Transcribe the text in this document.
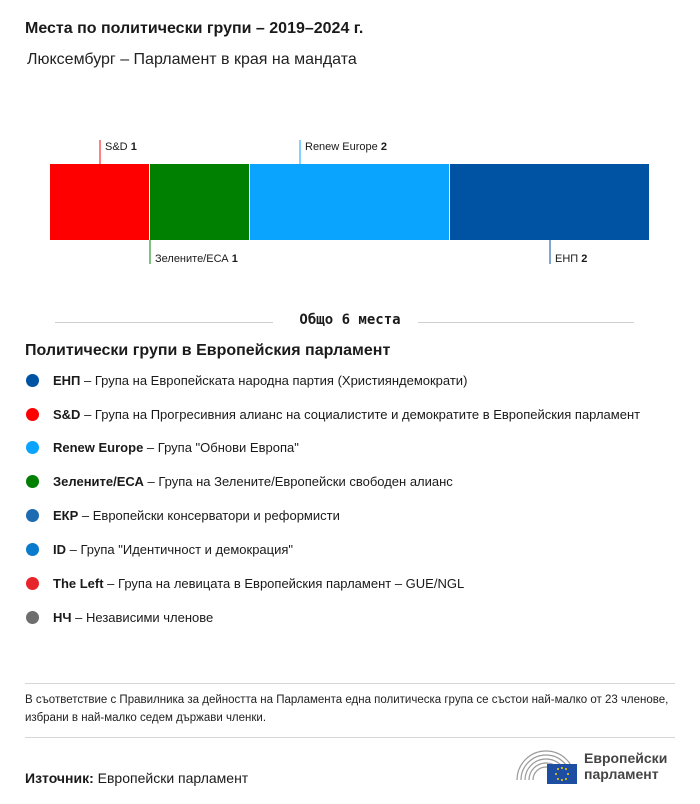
Места по политически групи – 2019–2024 г.
Люксембург – Парламент в края на мандата
S&D 1
Зелените/ЕСА 1
Renew Europe 2
ЕНП 2
Общо 6 места
Политически групи в Европейския парламент
ЕНП – Група на Европейската народна партия (Християндемократи)
S&D – Група на Прогресивния алианс на социалистите и демократите в Европейския парламент
Renew Europe – Група "Обнови Европа"
Зелените/ЕСА – Група на Зелените/Европейски свободен алианс
ЕКР – Европейски консерватори и реформисти
ID – Група "Идентичност и демокрация"
The Left – Група на левицата в Европейския парламент – GUE/NGL
НЧ – Независими членове
В съответствие с Правилника за дейността на Парламента една политическа група се състои най-малко от 23 членове, избрани в най-малко седем държави членки.
Източник: Европейски парламент
Европейски
парламент
